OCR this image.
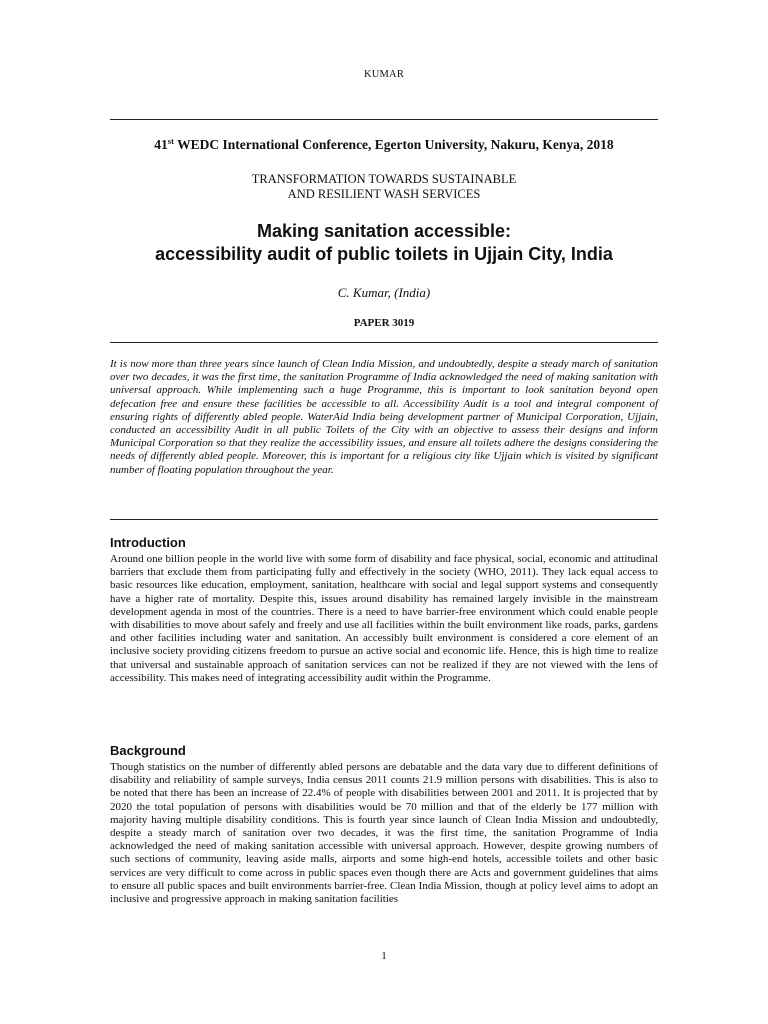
KUMAR
41st WEDC International Conference, Egerton University, Nakuru, Kenya, 2018
TRANSFORMATION TOWARDS SUSTAINABLE
AND RESILIENT WASH SERVICES
Making sanitation accessible:
accessibility audit of public toilets in Ujjain City, India
C. Kumar, (India)
PAPER 3019

It is now more than three years since launch of Clean India Mission, and undoubtedly, despite a steady march of sanitation over two decades, it was the first time, the sanitation Programme of India acknowledged the need of making sanitation with universal approach. While implementing such a huge Programme, this is important to look sanitation beyond open defecation free and ensure these facilities be accessible to all. Accessibility Audit is a tool and integral component of ensuring rights of differently abled people. WaterAid India being development partner of Municipal Corporation, Ujjain, conducted an accessibility Audit in all public Toilets of the City with an objective to assess their designs and inform Municipal Corporation so that they realize the accessibility issues, and ensure all toilets adhere the designs considering the needs of differently abled people. Moreover, this is important for a religious city like Ujjain which is visited by significant number of floating population throughout the year.

Introduction

Around one billion people in the world live with some form of disability and face physical, social, economic and attitudinal barriers that exclude them from participating fully and effectively in the society (WHO, 2011). They lack equal access to basic resources like education, employment, sanitation, healthcare with social and legal support systems and consequently have a higher rate of mortality. Despite this, issues around disability has remained largely invisible in the mainstream development agenda in most of the countries. There is a need to have barrier-free environment which could enable people with disabilities to move about safely and freely and use all facilities within the built environment like roads, parks, gardens and other facilities including water and sanitation. An accessibly built environment is considered a core element of an inclusive society providing citizens freedom to pursue an active social and economic life. Hence, this is high time to realize that universal and sustainable approach of sanitation services can not be realized if they are not viewed with the lens of accessibility. This makes need of integrating accessibility audit within the Programme.

Background

Though statistics on the number of differently abled persons are debatable and the data vary due to different definitions of disability and reliability of sample surveys, India census 2011 counts 21.9 million persons with disabilities. This is also to be noted that there has been an increase of 22.4% of people with disabilities between 2001 and 2011. It is projected that by 2020 the total population of persons with disabilities would be 70 million and that of the elderly be 177 million with majority having multiple disability conditions. This is fourth year since launch of Clean India Mission and undoubtedly, despite a steady march of sanitation over two decades, it was the first time, the sanitation Programme of India acknowledged the need of making sanitation accessible with universal approach. However, despite growing numbers of such sections of community, leaving aside malls, airports and some high-end hotels, accessible toilets and other basic services are very difficult to come across in public spaces even though there are Acts and government guidelines that aims to ensure all public spaces and built environments barrier-free. Clean India Mission, though at policy level aims to adopt an inclusive and progressive approach in making sanitation facilities

1
